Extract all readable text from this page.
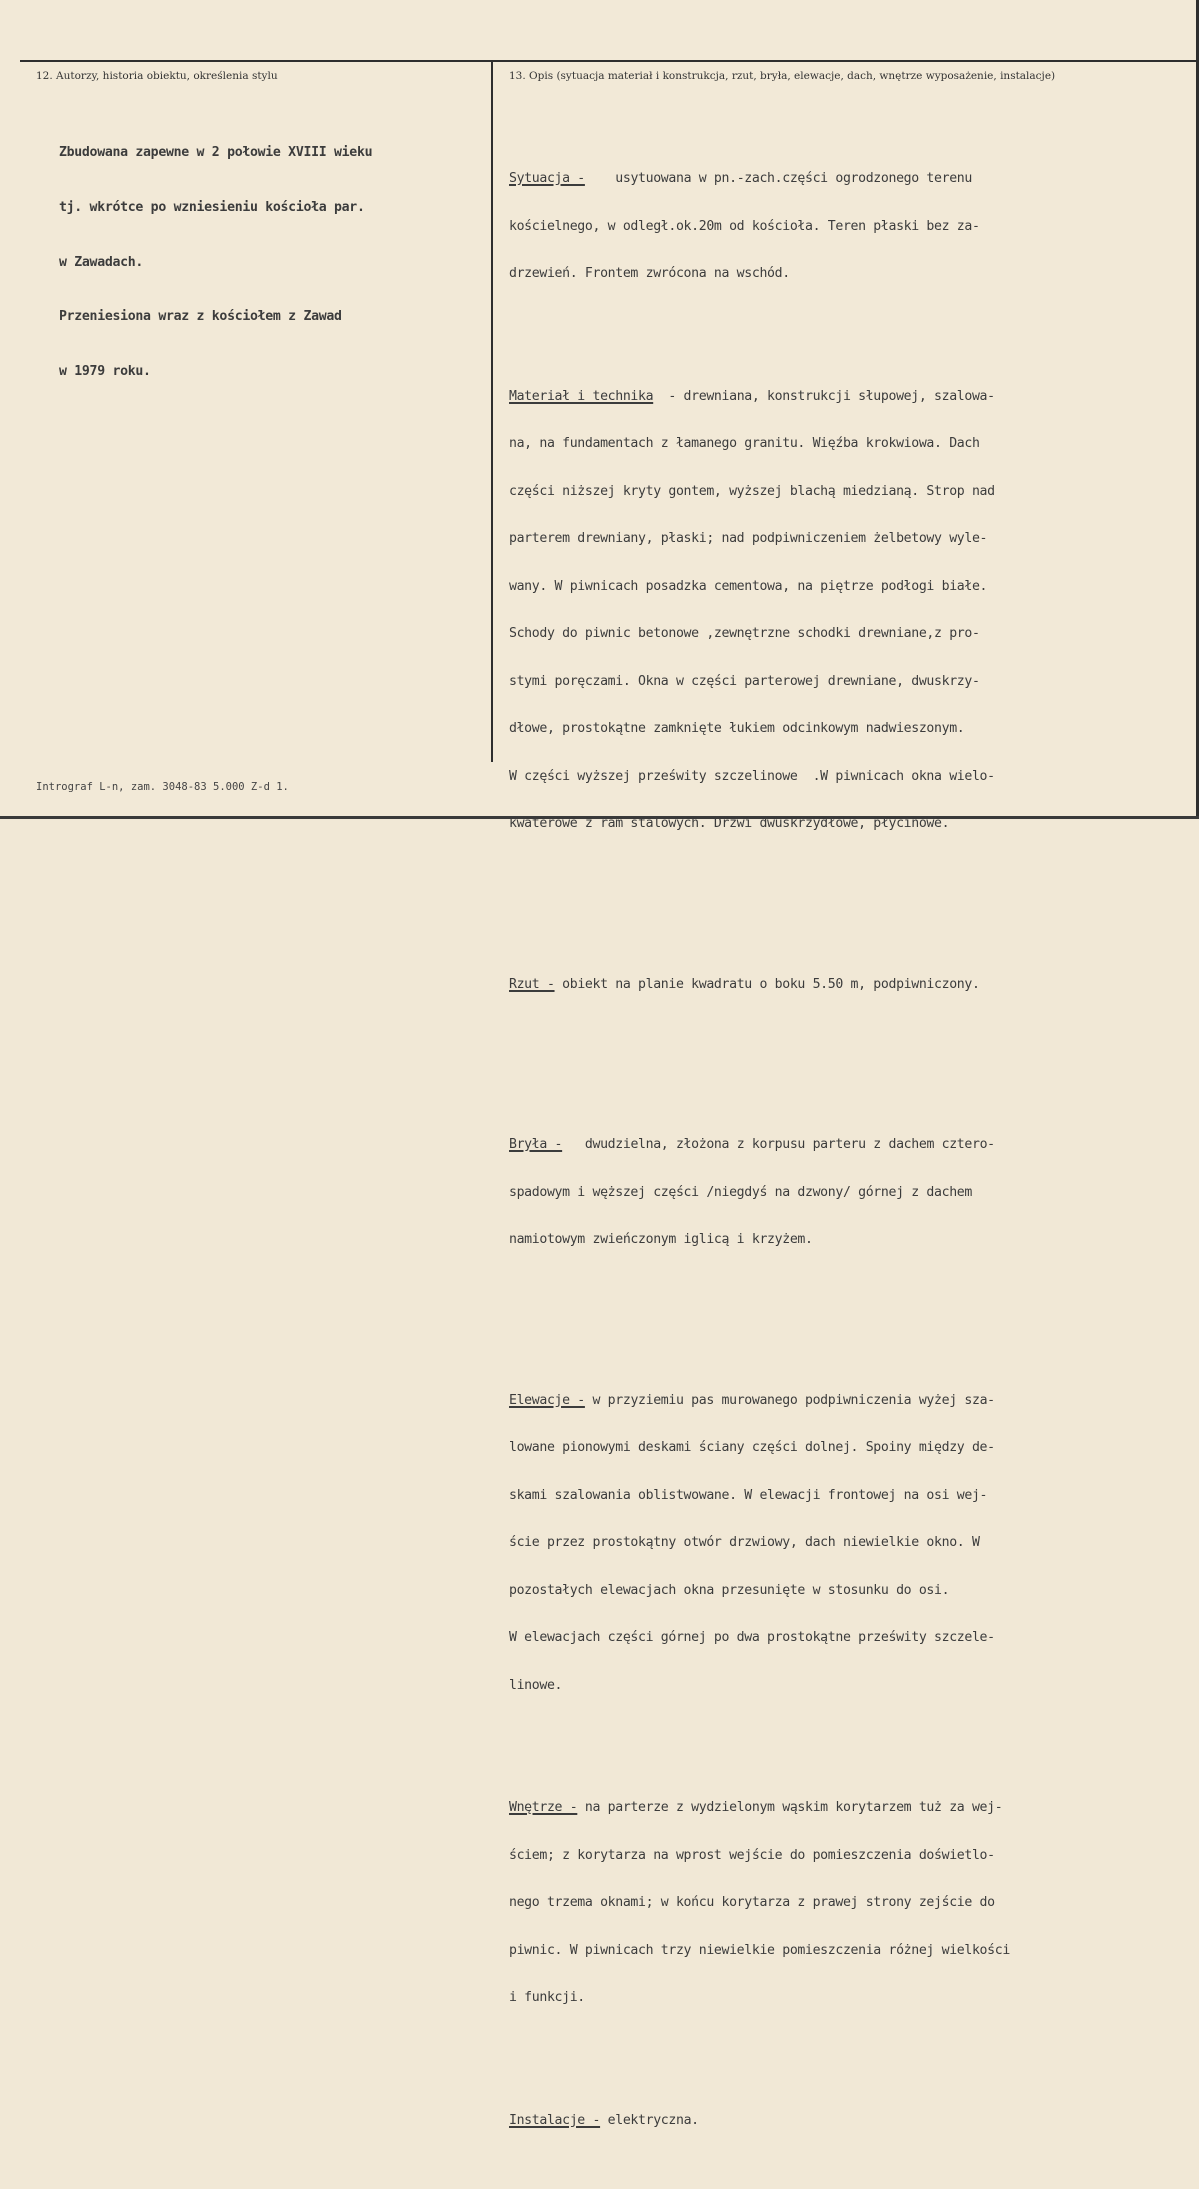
12. Autorzy, historia obiektu, określenia stylu	13. Opis (sytuacja materiał i konstrukcja, rzut, bryła, elewacje, dach, wnętrze wyposażenie, instalacje)

Zbudowana zapewne w 2 połowie XVIII wieku

tj. wkrótce po wzniesieniu kościoła par.

w Zawadach.

Przeniesiona wraz z kościołem z Zawad

w 1979 roku.

Sytuacja -    usytuowana w pn.-zach.części ogrodzonego terenu

kościelnego, w odległ.ok.20m od kościoła. Teren płaski bez za-

drzewień. Frontem zwrócona na wschód.

Materiał i technika  - drewniana, konstrukcji słupowej, szalowa-

na, na fundamentach z łamanego granitu. Więźba krokwiowa. Dach

części niższej kryty gontem, wyższej blachą miedzianą. Strop nad

parterem drewniany, płaski; nad podpiwniczeniem żelbetowy wyle-

wany. W piwnicach posadzka cementowa, na piętrze podłogi białe.

Schody do piwnic betonowe ,zewnętrzne schodki drewniane,z pro-

stymi poręczami. Okna w części parterowej drewniane, dwuskrzy-

dłowe, prostokątne zamknięte łukiem odcinkowym nadwieszonym.

W części wyższej prześwity szczelinowe  .W piwnicach okna wielo-

kwaterowe z ram stalowych. Drzwi dwuskrzydłowe, płycinowe.

Rzut - obiekt na planie kwadratu o boku 5.50 m, podpiwniczony.

Bryła -   dwudzielna, złożona z korpusu parteru z dachem cztero-

spadowym i węższej części /niegdyś na dzwony/ górnej z dachem

namiotowym zwieńczonym iglicą i krzyżem.

Elewacje - w przyziemiu pas murowanego podpiwniczenia wyżej sza-

lowane pionowymi deskami ściany części dolnej. Spoiny między de-

skami szalowania oblistwowane. W elewacji frontowej na osi wej-

ście przez prostokątny otwór drzwiowy, dach niewielkie okno. W

pozostałych elewacjach okna przesunięte w stosunku do osi.

W elewacjach części górnej po dwa prostokątne prześwity szczele-

linowe.

Wnętrze - na parterze z wydzielonym wąskim korytarzem tuż za wej-

ściem; z korytarza na wprost wejście do pomieszczenia doświetlo-

nego trzema oknami; w końcu korytarza z prawej strony zejście do

piwnic. W piwnicach trzy niewielkie pomieszczenia różnej wielkości

i funkcji.

Instalacje - elektryczna.

Intrograf L-n, zam. 3048-83 5.000 Z-d 1.
